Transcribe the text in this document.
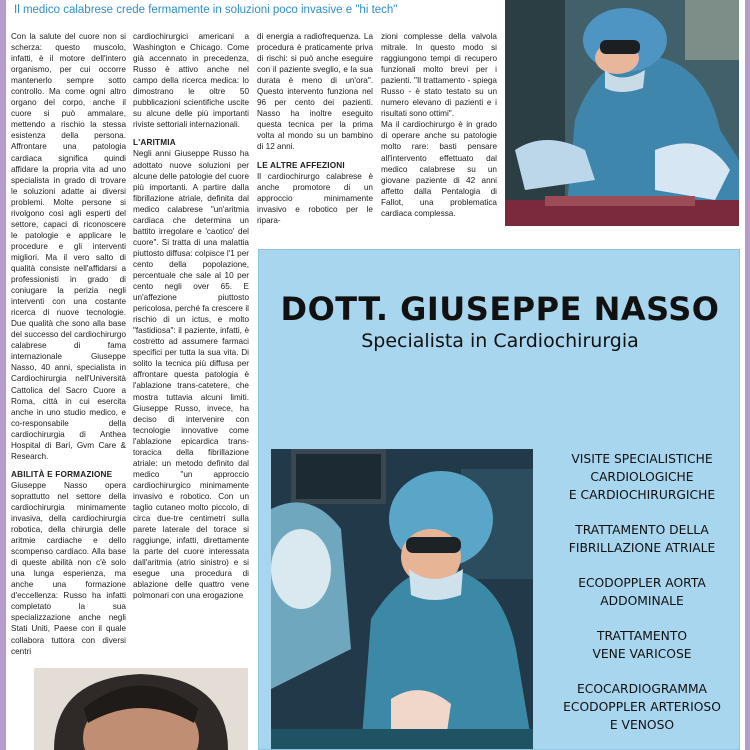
Il medico calabrese crede fermamente in soluzioni poco invasive e "hi tech"

Con la salute del cuore non si scherza: questo muscolo, infatti, è il motore dell'intero organismo, per cui occorre mantenerlo sempre sotto controllo. Ma come ogni altro organo del corpo, anche il cuore si può ammalare, mettendo a rischio la stessa esistenza della persona. Affrontare una patologia cardiaca significa quindi affidare la propria vita ad uno specialista in grado di trovare le soluzioni adatte ai diversi problemi. Molte persone si rivolgono così agli esperti del settore, capaci di riconoscere le patologie e applicare le procedure e gli interventi migliori. Ma il vero salto di qualità consiste nell'affidarsi a professionisti in grado di coniugare la perizia negli interventi con una costante ricerca di nuove tecnologie. Due qualità che sono alla base del successo del cardiochirurgo calabrese di fama internazionale Giuseppe Nasso, 40 anni, specialista in Cardiochirurgia nell'Università Cattolica del Sacro Cuore a Roma, città in cui esercita anche in uno studio medico, e co-responsabile della cardiochirurgia di Anthea Hospital di Bari, Gvm Care & Research.

ABILITÀ E FORMAZIONE

Giuseppe Nasso opera soprattutto nel settore della cardiochirurgia minimamente invasiva, della cardiochirurgia robotica, della chirurgia delle aritmie cardiache e dello scompenso cardiaco. Alla base di queste abilità non c'è solo una lunga esperienza, ma anche una formazione d'eccellenza: Russo ha infatti completato la sua specializzazione anche negli Stati Uniti, Paese con il quale collabora tuttora con diversi centri

cardiochirurgici americani a Washington e Chicago. Come già accennato in precedenza, Russo è attivo anche nel campo della ricerca medica: lo dimostrano le oltre 50 pubblicazioni scientifiche uscite su alcune delle più importanti riviste settoriali internazionali.

L'ARITMIA

Negli anni Giuseppe Russo ha adottato nuove soluzioni per alcune delle patologie del cuore più importanti. A partire dalla fibrillazione atriale, definita dal medico calabrese "un'aritmia cardiaca che determina un battito irregolare e 'caotico' del cuore". Si tratta di una malattia piuttosto diffusa: colpisce l'1 per cento della popolazione, percentuale che sale al 10 per cento negli over 65. E un'affezione piuttosto pericolosa, perché fa crescere il rischio di un ictus, e molto "fastidiosa": il paziente, infatti, è costretto ad assumere farmaci specifici per tutta la sua vita. Di solito la tecnica più diffusa per affrontare questa patologia è l'ablazione trans-catetere, che mostra tuttavia alcuni limiti. Giuseppe Russo, invece, ha deciso di intervenire con tecnologie innovative come l'ablazione epicardica trans-toracica della fibrillazione atriale: un metodo definito dal medico "un approccio cardiochirurgico minimamente invasivo e robotico. Con un taglio cutaneo molto piccolo, di circa due-tre centimetri sulla parete laterale del torace si raggiunge, infatti, direttamente la parte del cuore interessata dall'aritmia (atrio sinistro) e si esegue una procedura di ablazione delle quattro vene polmonari con una erogazione

di energia a radiofrequenza. La procedura è praticamente priva di rischi: si può anche eseguire con il paziente sveglio, e la sua durata è meno di un'ora". Questo intervento funziona nel 96 per cento dei pazienti. Nasso ha inoltre eseguito questa tecnica per la prima volta al mondo su un bambino di 12 anni.

LE ALTRE AFFEZIONI

Il cardiochirurgo calabrese è anche promotore di un approccio minimamente invasivo e robotico per le ripara-

zioni complesse della valvola mitrale. In questo modo si raggiungono tempi di recupero funzionali molto brevi per i pazienti. "Il trattamento - spiega Russo - è stato testato su un numero elevano di pazienti e i risultati sono ottimi".

Ma il cardiochirurgo è in grado di operare anche su patologie molto rare: basti pensare all'intervento effettuato dal medico calabrese su un giovane paziente di 42 anni affetto dalla Pentalogia di Fallot, una problematica cardiaca complessa.

DOTT. GIUSEPPE NASSO
Specialista in Cardiochirurgia
VISITE SPECIALISTICHE
CARDIOLOGICHE
E CARDIOCHIRURGICHE
TRATTAMENTO DELLA
FIBRILLAZIONE ATRIALE
ECODOPPLER AORTA
ADDOMINALE
TRATTAMENTO
VENE VARICOSE
ECOCARDIOGRAMMA
ECODOPPLER ARTERIOSO
E VENOSO
